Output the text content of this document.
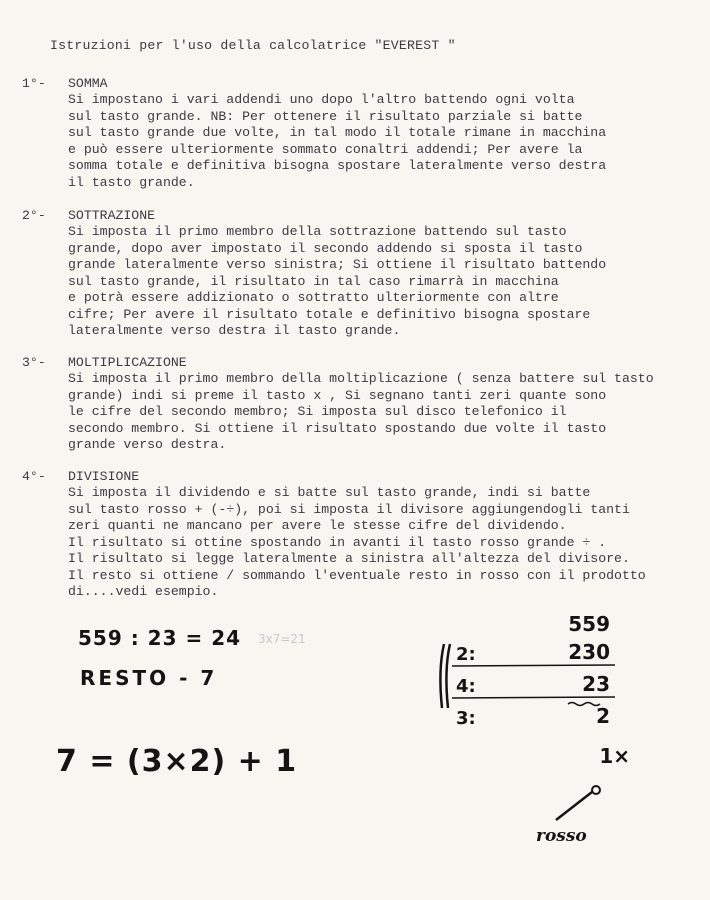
Istruzioni per l'uso della calcolatrice "EVEREST "
1°- SOMMA
Si impostano i vari addendi uno dopo l'altro battendo ogni volta
sul tasto grande. NB: Per ottenere il risultato parziale si batte
sul tasto grande due volte, in tal modo il totale rimane in macchina
e può essere ulteriormente sommato conaltri addendi; Per avere la
somma totale e definitiva bisogna spostare lateralmente verso destra
il tasto grande.
2°- SOTTRAZIONE
Si imposta il primo membro della sottrazione battendo sul tasto
grande, dopo aver impostato il secondo addendo si sposta il tasto
grande lateralmente verso sinistra; Si ottiene il risultato battendo
sul tasto grande, il risultato in tal caso rimarrà in macchina
e potrà essere addizionato o sottratto ulteriormente con altre
cifre; Per avere il risultato totale e definitivo bisogna spostare
lateralmente verso destra il tasto grande.
3°- MOLTIPLICAZIONE
Si imposta il primo membro della moltiplicazione ( senza battere sul tasto
grande) indi si preme il tasto x , Si segnano tanti zeri quante sono
le cifre del secondo membro; Si imposta sul disco telefonico il
secondo membro. Si ottiene il risultato spostando due volte il tasto
grande verso destra.
4°- DIVISIONE
Si imposta il dividendo e si batte sul tasto grande, indi si batte
sul tasto rosso + (-÷), poi si imposta il divisore aggiungendogli tanti
zeri quanti ne mancano per avere le stesse cifre del dividendo.
Il risultato si ottine spostando in avanti il tasto rosso grande ÷ .
Il risultato si legge lateralmente a sinistra all'altezza del divisore.
Il resto si ottiene / sommando l'eventuale resto in rosso con il prodotto
di....vedi esempio.
559 : 23 = 24 3x7=21
RESTO - 7
7 = (3×2) + 1
559
2:	230
4:	23
3:	2
1×
rosso
